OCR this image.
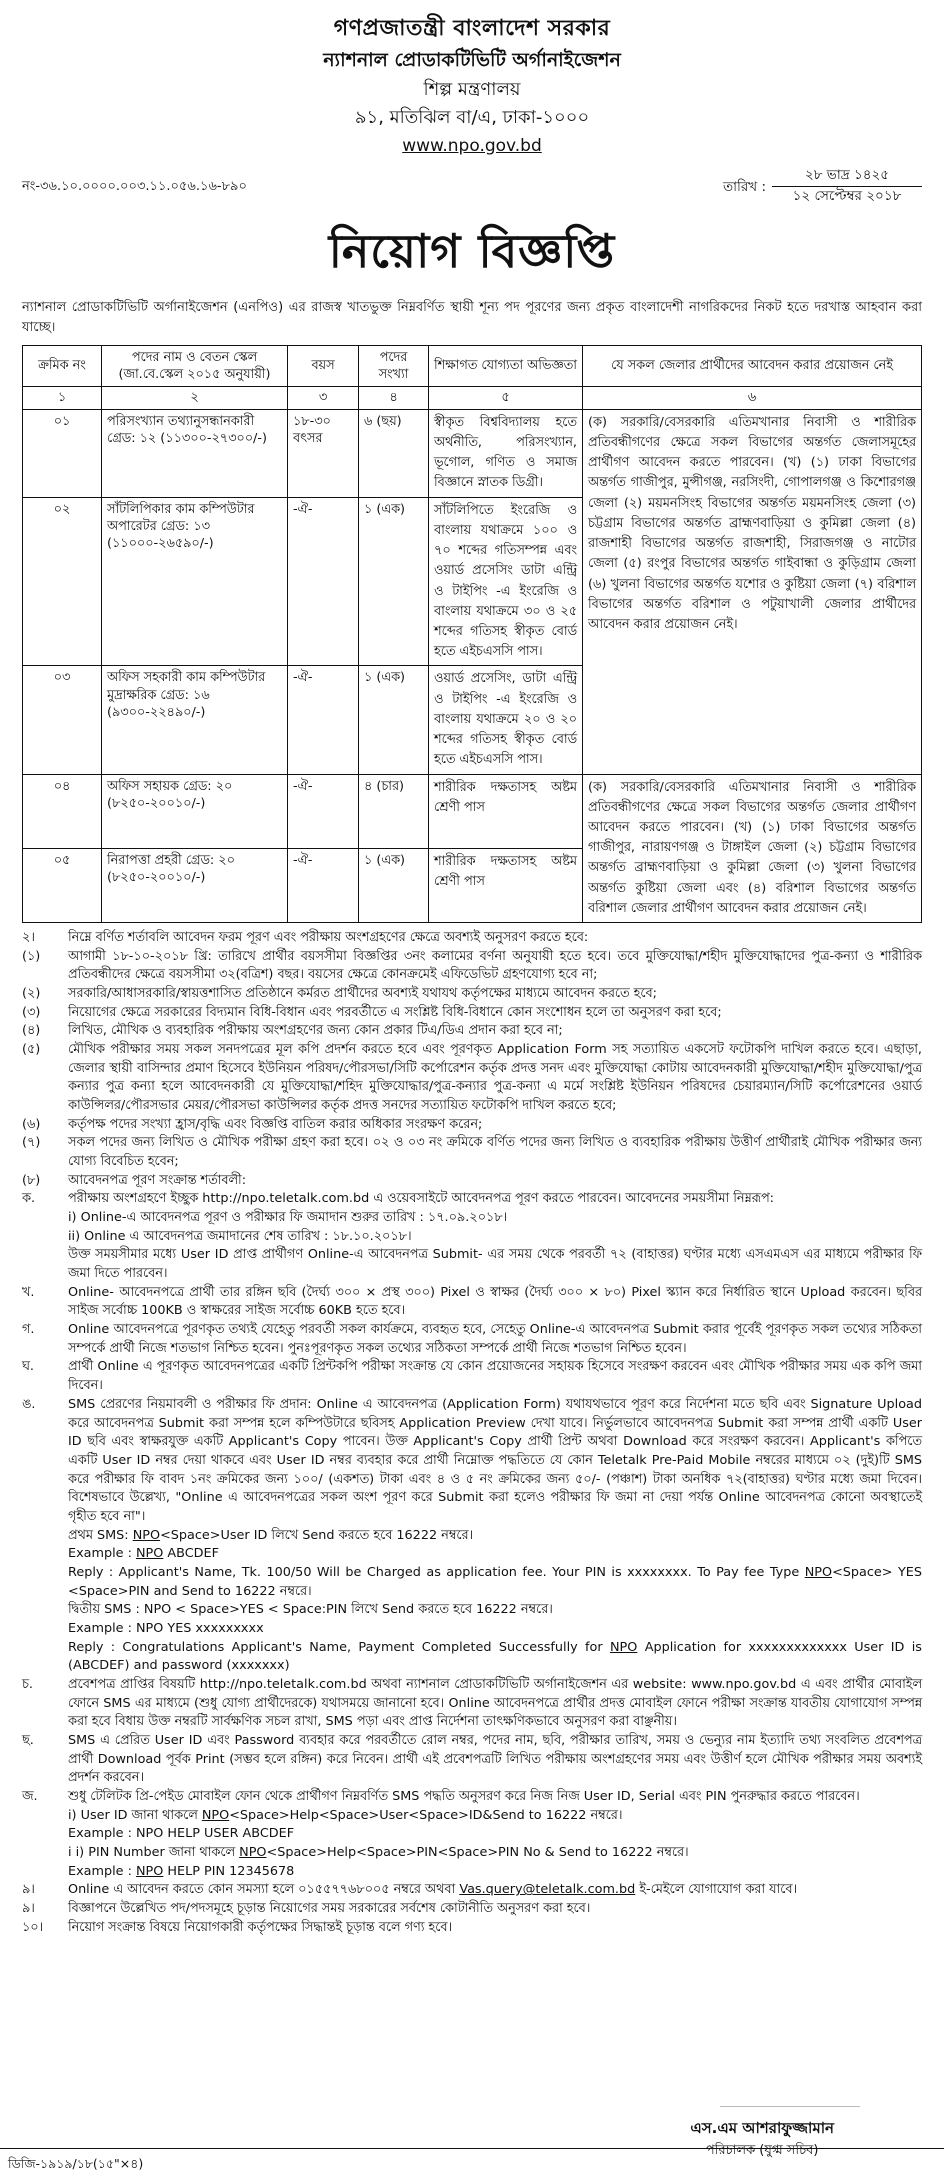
গণপ্রজাতন্ত্রী বাংলাদেশ সরকার
ন্যাশনাল প্রোডাকটিভিটি অর্গানাইজেশন
শিল্প মন্ত্রণালয়
৯১, মতিঝিল বা/এ, ঢাকা-১০০০
www.npo.gov.bd
নং-৩৬.১০.০০০০.০০৩.১১.০৫৬.১৬-৮৯০	তারিখ :
২৮ ভাদ্র ১৪২৫
১২ সেপ্টেম্বর ২০১৮
নিয়োগ বিজ্ঞপ্তি
ন্যাশনাল প্রোডাকটিভিটি অর্গানাইজেশন (এনপিও) এর রাজস্ব খাতভুক্ত নিম্নবর্ণিত স্থায়ী শূন্য পদ পূরণের জন্য প্রকৃত বাংলাদেশী নাগরিকদের নিকট হতে দরখাস্ত আহবান করা যাচ্ছে।
ক্রমিক নং	পদের নাম ও বেতন স্কেল (জা.বে.স্কেল ২০১৫ অনুযায়ী)	বয়স	পদের সংখ্যা	শিক্ষাগত যোগ্যতা অভিজ্ঞতা	যে সকল জেলার প্রার্থীদের আবেদন করার প্রয়োজন নেই
১	২	৩	৪	৫	৬
০১	পরিসংখ্যান তথ্যানুসন্ধানকারী গ্রেড: ১২ (১১৩০০-২৭৩০০/-)	১৮-৩০ বৎসর	৬ (ছয়)	স্বীকৃত বিশ্ববিদ্যালয় হতে অর্থনীতি, পরিসংখ্যান, ভূগোল, গণিত ও সমাজ বিজ্ঞানে স্নাতক ডিগ্রী।	(ক) সরকারি/বেসরকারি এতিমখানার নিবাসী ও শারীরিক প্রতিবন্ধীগণের ক্ষেত্রে সকল বিভাগের অন্তর্গত জেলাসমূহের প্রার্থীগণ আবেদন করতে পারবেন। (খ) (১) ঢাকা বিভাগের অন্তর্গত গাজীপুর, মুন্সীগঞ্জ, নরসিংদী, গোপালগঞ্জ ও কিশোরগঞ্জ জেলা (২) ময়মনসিংহ বিভাগের অন্তর্গত ময়মনসিংহ জেলা (৩) চট্টগ্রাম বিভাগের অন্তর্গত ব্রাহ্মণবাড়িয়া ও কুমিল্লা জেলা (৪) রাজশাহী বিভাগের অন্তর্গত রাজশাহী, সিরাজগঞ্জ ও নাটোর জেলা (৫) রংপুর বিভাগের অন্তর্গত গাইবান্ধা ও কুড়িগ্রাম জেলা (৬) খুলনা বিভাগের অন্তর্গত যশোর ও কুষ্টিয়া জেলা (৭) বরিশাল বিভাগের অন্তর্গত বরিশাল ও পটুয়াখালী জেলার প্রার্থীদের আবেদন করার প্রয়োজন নেই।
০২	সাঁটলিপিকার কাম কম্পিউটার অপারেটর গ্রেড: ১৩ (১১০০০-২৬৫৯০/-)	-ঐ-	১ (এক)	সাঁটলিপিতে ইংরেজি ও বাংলায় যথাক্রমে ১০০ ও ৭০ শব্দের গতিসম্পন্ন এবং ওয়ার্ড প্রসেসিং ডাটা এন্ট্রি ও টাইপিং -এ ইংরেজি ও বাংলায় যথাক্রমে ৩০ ও ২৫ শব্দের গতিসহ স্বীকৃত বোর্ড হতে এইচএসসি পাস।	
০৩	অফিস সহকারী কাম কম্পিউটার মুদ্রাক্ষরিক গ্রেড: ১৬ (৯৩০০-২২৪৯০/-)	-ঐ-	১ (এক)	ওয়ার্ড প্রসেসিং, ডাটা এন্ট্রি ও টাইপিং -এ ইংরেজি ও বাংলায় যথাক্রমে ২০ ও ২০ শব্দের গতিসহ স্বীকৃত বোর্ড হতে এইচএসসি পাস।	
০৪	অফিস সহায়ক গ্রেড: ২০ (৮২৫০-২০০১০/-)	-ঐ-	৪ (চার)	শারীরিক দক্ষতাসহ অষ্টম শ্রেণী পাস	(ক) সরকারি/বেসরকারি এতিমখানার নিবাসী ও শারীরিক প্রতিবন্ধীগণের ক্ষেত্রে সকল বিভাগের অন্তর্গত জেলার প্রার্থীগণ আবেদন করতে পারবেন। (খ) (১) ঢাকা বিভাগের অন্তর্গত গাজীপুর, নারায়ণগঞ্জ ও টাঙ্গাইল জেলা (২) চট্টগ্রাম বিভাগের অন্তর্গত ব্রাহ্মণবাড়িয়া ও কুমিল্লা জেলা (৩) খুলনা বিভাগের অন্তর্গত কুষ্টিয়া জেলা এবং (৪) বরিশাল বিভাগের অন্তর্গত বরিশাল জেলার প্রার্থীগণ আবেদন করার প্রয়োজন নেই।
০৫	নিরাপত্তা প্রহরী গ্রেড: ২০ (৮২৫০-২০০১০/-)	-ঐ-	১ (এক)	শারীরিক দক্ষতাসহ অষ্টম শ্রেণী পাস	
২।	নিম্নে বর্ণিত শর্তাবলি আবেদন ফরম পূরণ এবং পরীক্ষায় অংশগ্রহণের ক্ষেত্রে অবশ্যই অনুসরণ করতে হবে:
(১)	আগামী ১৮-১০-২০১৮ খ্রি: তারিখে প্রার্থীর বয়সসীমা বিজ্ঞপ্তির ৩নং কলামের বর্ণনা অনুযায়ী হতে হবে। তবে মুক্তিযোদ্ধা/শহীদ মুক্তিযোদ্ধাদের পুত্র-কন্যা ও শারীরিক প্রতিবন্ধীদের ক্ষেত্রে বয়সসীমা ৩২(বত্রিশ) বছর। বয়সের ক্ষেত্রে কোনক্রমেই এফিডেভিট গ্রহণযোগ্য হবে না;
(২)	সরকারি/আধাসরকারি/স্বায়ত্তশাসিত প্রতিষ্ঠানে কর্মরত প্রার্থীদের অবশ্যই যথাযথ কর্তৃপক্ষের মাধ্যমে আবেদন করতে হবে;
(৩)	নিয়োগের ক্ষেত্রে সরকারের বিদ্যমান বিধি-বিধান এবং পরবর্তীতে এ সংশ্লিষ্ট বিধি-বিধানে কোন সংশোধন হলে তা অনুসরণ করা হবে;
(৪)	লিখিত, মৌখিক ও ব্যবহারিক পরীক্ষায় অংশগ্রহণের জন্য কোন প্রকার টিএ/ডিএ প্রদান করা হবে না;
(৫)	মৌখিক পরীক্ষার সময় সকল সনদপত্রের মূল কপি প্রদর্শন করতে হবে এবং পূরণকৃত Application Form সহ সত্যায়িত একসেট ফটোকপি দাখিল করতে হবে। এছাড়া, জেলার স্থায়ী বাসিন্দার প্রমাণ হিসেবে ইউনিয়ন পরিষদ/পৌরসভা/সিটি কর্পোরেশন কর্তৃক প্রদত্ত সনদ এবং মুক্তিযোদ্ধা কোটায় আবেদনকারী মুক্তিযোদ্ধা/শহীদ মুক্তিযোদ্ধা/পুত্র কন্যার পুত্র কন্যা হলে আবেদনকারী যে মুক্তিযোদ্ধা/শহিদ মুক্তিযোদ্ধার/পুত্র-কন্যার পুত্র-কন্যা এ মর্মে সংশ্লিষ্ট ইউনিয়ন পরিষদের চেয়ারম্যান/সিটি কর্পোরেশনের ওয়ার্ড কাউন্সিলর/পৌরসভার মেয়র/পৌরসভা কাউন্সিলর কর্তৃক প্রদত্ত সনদের সত্যায়িত ফটোকপি দাখিল করতে হবে;
(৬)	কর্তৃপক্ষ পদের সংখ্যা হ্রাস/বৃদ্ধি এবং বিজ্ঞপ্তি বাতিল করার অধিকার সংরক্ষণ করেন;
(৭)	সকল পদের জন্য লিখিত ও মৌখিক পরীক্ষা গ্রহণ করা হবে। ০২ ও ০৩ নং ক্রমিকে বর্ণিত পদের জন্য লিখিত ও ব্যবহারিক পরীক্ষায় উত্তীর্ণ প্রার্থীরাই মৌখিক পরীক্ষার জন্য যোগ্য বিবেচিত হবেন;
(৮)	আবেদনপত্র পূরণ সংক্রান্ত শর্তাবলী:
ক.	পরীক্ষায় অংশগ্রহণে ইচ্ছুক http://npo.teletalk.com.bd এ ওয়েবসাইটে আবেদনপত্র পূরণ করতে পারবেন। আবেদনের সময়সীমা নিম্নরূপ:
i) Online-এ আবেদনপত্র পূরণ ও পরীক্ষার ফি জমাদান শুরুর তারিখ : ১৭.০৯.২০১৮।
ii) Online এ আবেদনপত্র জমাদানের শেষ তারিখ : ১৮.১০.২০১৮।
উক্ত সময়সীমার মধ্যে User ID প্রাপ্ত প্রার্থীগণ Online-এ আবেদনপত্র Submit- এর সময় থেকে পরবর্তী ৭২ (বাহাত্তর) ঘণ্টার মধ্যে এসএমএস এর মাধ্যমে পরীক্ষার ফি জমা দিতে পারবেন।
খ.	Online- আবেদনপত্রে প্রার্থী তার রঙ্গিন ছবি (দৈর্ঘ্য ৩০০ × প্রস্থ ৩০০) Pixel ও স্বাক্ষর (দৈর্ঘ্য ৩০০ × ৮০) Pixel স্ক্যান করে নির্ধারিত স্থানে Upload করবেন। ছবির সাইজ সর্বোচ্চ 100KB ও স্বাক্ষরের সাইজ সর্বোচ্চ 60KB হতে হবে।
গ.	Online আবেদনপত্রে পূরণকৃত তথ্যই যেহেতু পরবর্তী সকল কার্যক্রমে, ব্যবহৃত হবে, সেহেতু Online-এ আবেদনপত্র Submit করার পূর্বেই পূরণকৃত সকল তথ্যের সঠিকতা সম্পর্কে প্রার্থী নিজে শতভাগ নিশ্চিত হবেন। পুনঃপূরণকৃত সকল তথ্যের সঠিকতা সম্পর্কে প্রার্থী নিজে শতভাগ নিশ্চিত হবেন।
ঘ.	প্রার্থী Online এ পূরণকৃত আবেদনপত্রের একটি প্রিন্টকপি পরীক্ষা সংক্রান্ত যে কোন প্রয়োজনের সহায়ক হিসেবে সংরক্ষণ করবেন এবং মৌখিক পরীক্ষার সময় এক কপি জমা দিবেন।
ঙ.	SMS প্রেরণের নিয়মাবলী ও পরীক্ষার ফি প্রদান: Online এ আবেদনপত্র (Application Form) যথাযথভাবে পূরণ করে নির্দেশনা মতে ছবি এবং Signature Upload করে আবেদনপত্র Submit করা সম্পন্ন হলে কম্পিউটারে ছবিসহ Application Preview দেখা যাবে। নির্ভুলভাবে আবেদনপত্র Submit করা সম্পন্ন প্রার্থী একটি User ID ছবি এবং স্বাক্ষরযুক্ত একটি Applicant's Copy পাবেন। উক্ত Applicant's Copy প্রার্থী প্রিন্ট অথবা Download করে সংরক্ষণ করবেন। Applicant's কপিতে একটি User ID নম্বর দেয়া থাকবে এবং User ID নম্বর ব্যবহার করে প্রার্থী নিম্নোক্ত পদ্ধতিতে যে কোন Teletalk Pre-Paid Mobile নম্বরের মাধ্যমে ০২ (দুই)টি SMS করে পরীক্ষার ফি বাবদ ১নং ক্রমিকের জন্য ১০০/ (একশত) টাকা এবং ৪ ও ৫ নং ক্রমিকের জন্য ৫০/- (পঞ্চাশ) টাকা অনধিক ৭২(বাহাত্তর) ঘণ্টার মধ্যে জমা দিবেন। বিশেষভাবে উল্লেখ্য, "Online এ আবেদনপত্রের সকল অংশ পূরণ করে Submit করা হলেও পরীক্ষার ফি জমা না দেয়া পর্যন্ত Online আবেদনপত্র কোনো অবস্থাতেই গৃহীত হবে না"।
প্রথম SMS: NPO<Space>User ID লিখে Send করতে হবে 16222 নম্বরে।
Example : NPO ABCDEF
Reply : Applicant's Name, Tk. 100/50 Will be Charged as application fee. Your PIN is xxxxxxxx. To Pay fee Type NPO<Space> YES <Space>PIN and Send to 16222 নম্বরে।
দ্বিতীয় SMS : NPO < Space>YES < Space:PIN লিখে Send করতে হবে 16222 নম্বরে।
Example : NPO YES xxxxxxxxx
Reply : Congratulations Applicant's Name, Payment Completed Successfully for NPO Application for xxxxxxxxxxxxx User ID is (ABCDEF) and password (xxxxxxx)
চ.	প্রবেশপত্র প্রাপ্তির বিষয়টি http://npo.teletalk.com.bd অথবা ন্যাশনাল প্রোডাকটিভিটি অর্গানাইজেশন এর website: www.npo.gov.bd এ এবং প্রার্থীর মোবাইল ফোনে SMS এর মাধ্যমে (শুধু যোগ্য প্রার্থীদেরকে) যথাসময়ে জানানো হবে। Online আবেদনপত্রে প্রার্থীর প্রদত্ত মোবাইল ফোনে পরীক্ষা সংক্রান্ত যাবতীয় যোগাযোগ সম্পন্ন করা হবে বিধায় উক্ত নম্বরটি সার্বক্ষণিক সচল রাখা, SMS পড়া এবং প্রাপ্ত নির্দেশনা তাৎক্ষণিকভাবে অনুসরণ করা বাঞ্ছনীয়।
ছ.	SMS এ প্রেরিত User ID এবং Password ব্যবহার করে পরবর্তীতে রোল নম্বর, পদের নাম, ছবি, পরীক্ষার তারিখ, সময় ও ভেন্যুর নাম ইত্যাদি তথ্য সংবলিত প্রবেশপত্র প্রার্থী Download পূর্বক Print (সম্ভব হলে রঙ্গিন) করে নিবেন। প্রার্থী এই প্রবেশপত্রটি লিখিত পরীক্ষায় অংশগ্রহণের সময় এবং উত্তীর্ণ হলে মৌখিক পরীক্ষার সময় অবশ্যই প্রদর্শন করবেন।
জ.	শুধু টেলিটক প্রি-পেইড মোবাইল ফোন থেকে প্রার্থীগণ নিম্নবর্ণিত SMS পদ্ধতি অনুসরণ করে নিজ নিজ User ID, Serial এবং PIN পুনরুদ্ধার করতে পারবেন।
i) User ID জানা থাকলে NPO<Space>Help<Space>User<Space>ID&Send to 16222 নম্বরে।
Example : NPO HELP USER ABCDEF
i i) PIN Number জানা থাকলে NPO<Space>Help<Space>PIN<Space>PIN No & Send to 16222 নম্বরে।
Example : NPO HELP PIN 12345678
৯।	Online এ আবেদন করতে কোন সমস্যা হলে ০১৫৫৭৭৬৮০০৫ নম্বরে অথবা Vas.query@teletalk.com.bd ই-মেইলে যোগাযোগ করা যাবে।
৯।	বিজ্ঞাপনে উল্লেখিত পদ/পদসমূহে চূড়ান্ত নিয়োগের সময় সরকারের সর্বশেষ কোটানীতি অনুসরণ করা হবে।
১০।	নিয়োগ সংক্রান্ত বিষয়ে নিয়োগকারী কর্তৃপক্ষের সিদ্ধান্তই চূড়ান্ত বলে গণ্য হবে।
এস.এম আশরাফুজ্জামান
পরিচালক (যুগ্ম সচিব)
ডিজি-১৯১৯/১৮(১৫"×৪)
